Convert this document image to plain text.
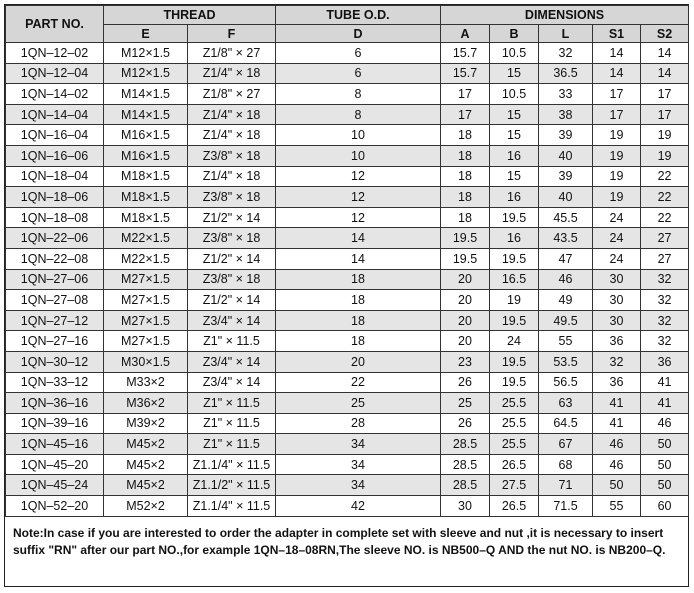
PART NO.	THREAD		TUBE O.D.	DIMENSIONS				
	E	F	D	A	B	L	S1	S2
1QN–12–02	M12×1.5	Z1/8" × 27	6	15.7	10.5	32	14	14
1QN–12–04	M12×1.5	Z1/4" × 18	6	15.7	15	36.5	14	14
1QN–14–02	M14×1.5	Z1/8" × 27	8	17	10.5	33	17	17
1QN–14–04	M14×1.5	Z1/4" × 18	8	17	15	38	17	17
1QN–16–04	M16×1.5	Z1/4" × 18	10	18	15	39	19	19
1QN–16–06	M16×1.5	Z3/8" × 18	10	18	16	40	19	19
1QN–18–04	M18×1.5	Z1/4" × 18	12	18	15	39	19	22
1QN–18–06	M18×1.5	Z3/8" × 18	12	18	16	40	19	22
1QN–18–08	M18×1.5	Z1/2" × 14	12	18	19.5	45.5	24	22
1QN–22–06	M22×1.5	Z3/8" × 18	14	19.5	16	43.5	24	27
1QN–22–08	M22×1.5	Z1/2" × 14	14	19.5	19.5	47	24	27
1QN–27–06	M27×1.5	Z3/8" × 18	18	20	16.5	46	30	32
1QN–27–08	M27×1.5	Z1/2" × 14	18	20	19	49	30	32
1QN–27–12	M27×1.5	Z3/4" × 14	18	20	19.5	49.5	30	32
1QN–27–16	M27×1.5	Z1" × 11.5	18	20	24	55	36	32
1QN–30–12	M30×1.5	Z3/4" × 14	20	23	19.5	53.5	32	36
1QN–33–12	M33×2	Z3/4" × 14	22	26	19.5	56.5	36	41
1QN–36–16	M36×2	Z1" × 11.5	25	25	25.5	63	41	41
1QN–39–16	M39×2	Z1" × 11.5	28	26	25.5	64.5	41	46
1QN–45–16	M45×2	Z1" × 11.5	34	28.5	25.5	67	46	50
1QN–45–20	M45×2	Z1.1/4" × 11.5	34	28.5	26.5	68	46	50
1QN–45–24	M45×2	Z1.1/2" × 11.5	34	28.5	27.5	71	50	50
1QN–52–20	M52×2	Z1.1/4" × 11.5	42	30	26.5	71.5	55	60
Note:In case if you are interested to order the adapter in complete set with sleeve and nut ,it is necessary to insert suffix "RN" after our part NO.,for example 1QN–18–08RN,The sleeve NO. is NB500–Q AND the nut NO. is NB200–Q.
